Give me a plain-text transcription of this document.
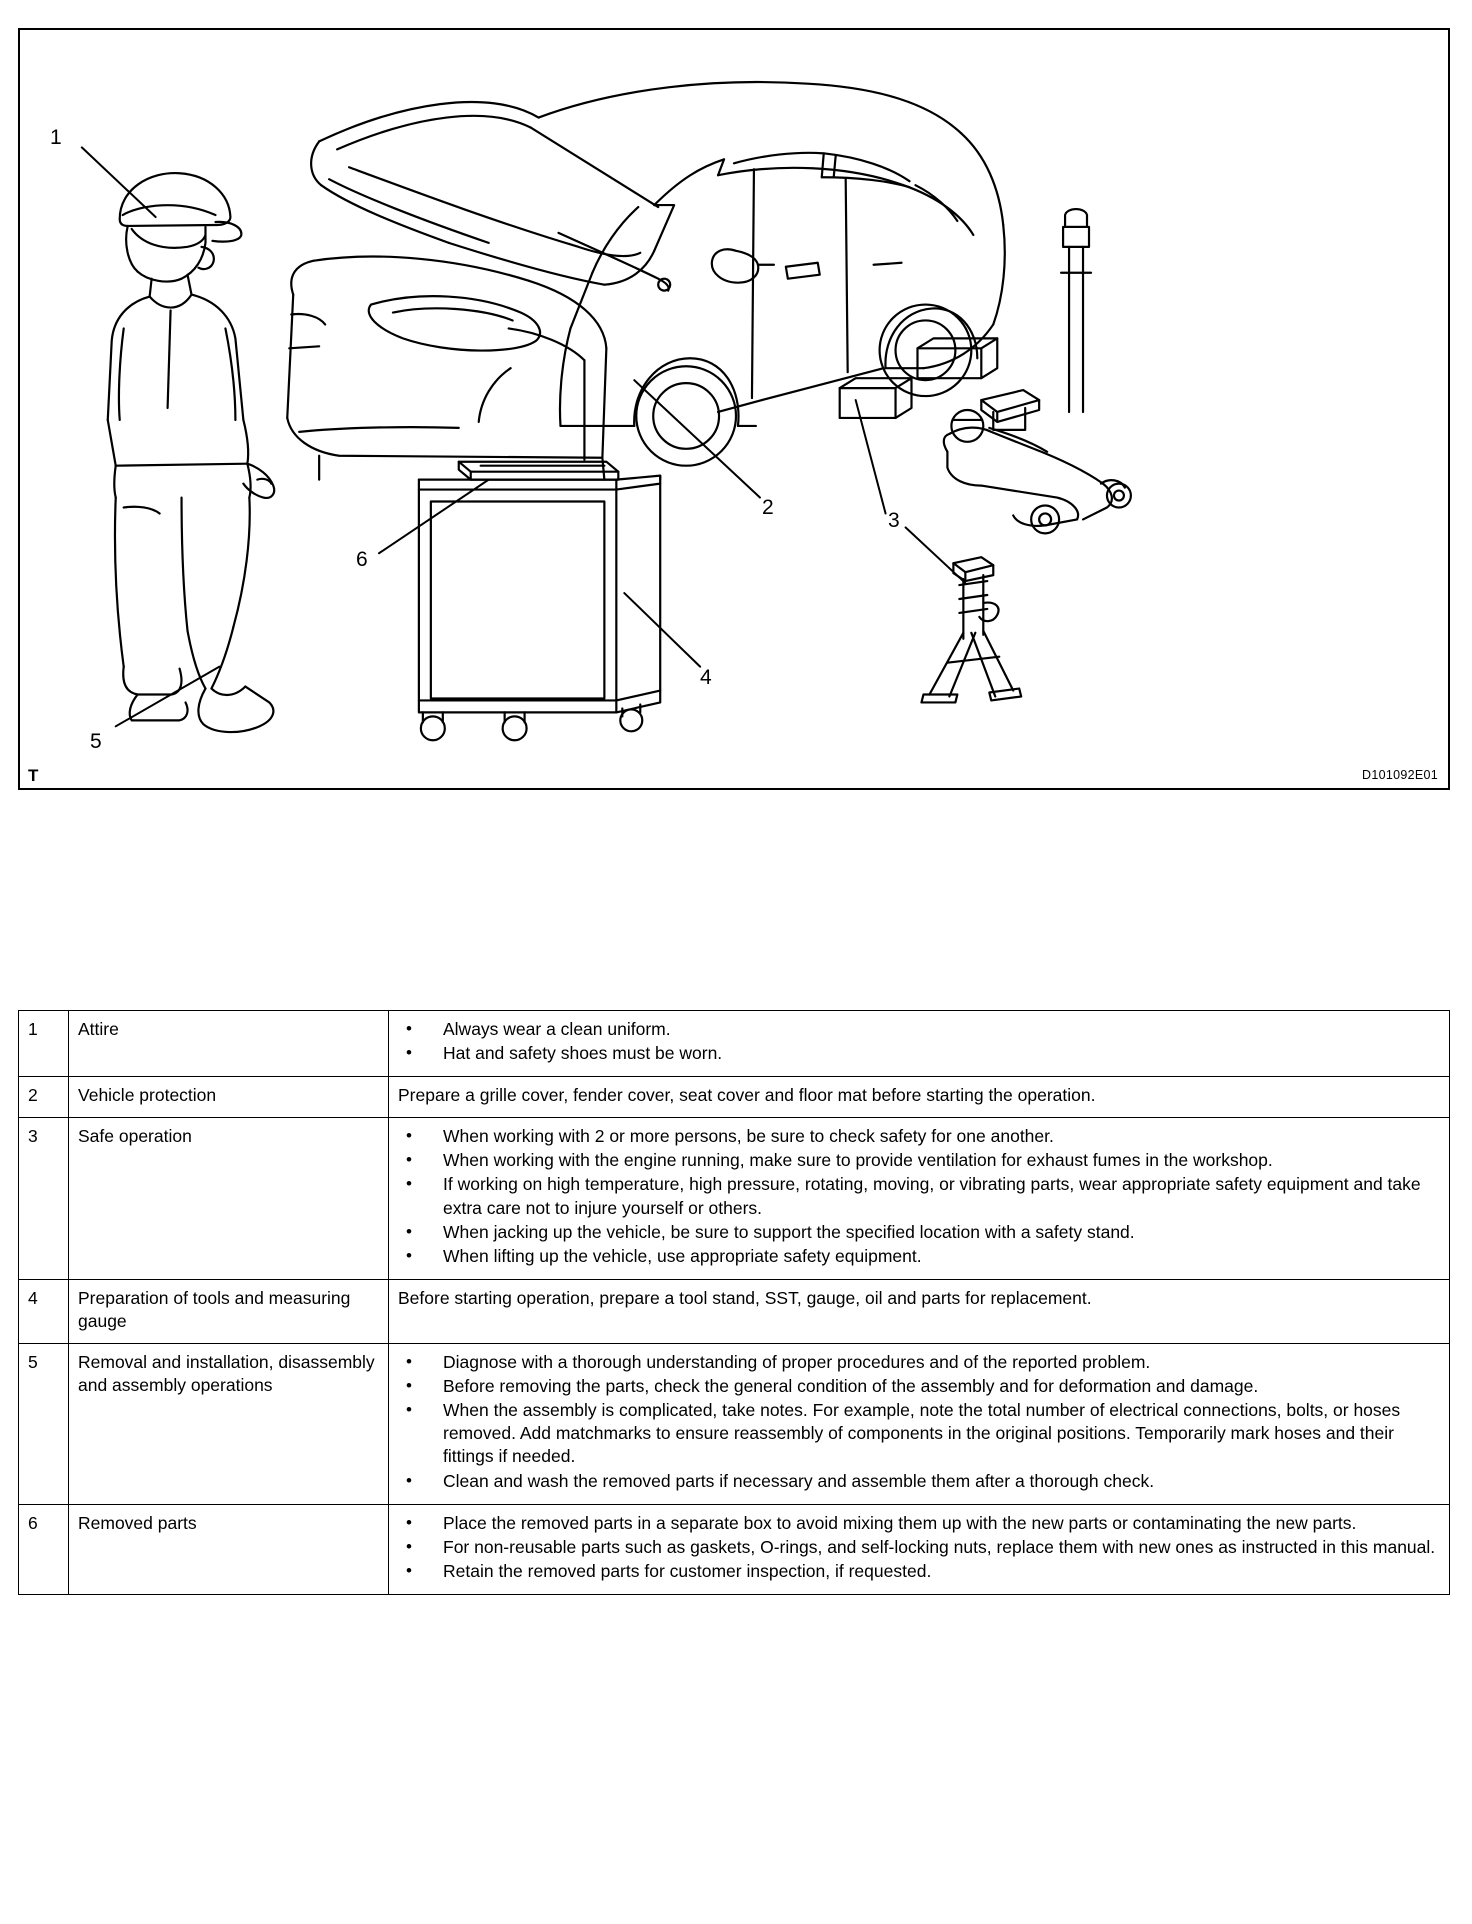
1
2
3
4
5
6
T	D101092E01
1	Attire	
•Always wear a clean uniform.
• Hat and safety shoes must be worn.

2	Vehicle protection	Prepare a grille cover, fender cover, seat cover and floor mat before starting the operation.

3	Safe operation	
•When working with 2 or more persons, be sure to check safety for one another.
• When working with the engine running, make sure to provide ventilation for exhaust fumes in the workshop.
• If working on high temperature, high pressure, rotating, moving, or vibrating parts, wear appropriate safety equipment and take extra care not to injure yourself or others.
• When jacking up the vehicle, be sure to support the specified location with a safety stand.
• When lifting up the vehicle, use appropriate safety equipment.

4	Preparation of tools and measuring gauge	Before starting operation, prepare a tool stand, SST, gauge, oil and parts for replacement.

5	Removal and installation, disassembly and assembly operations	
• Diagnose with a thorough understanding of proper procedures and of the reported problem.
• Before removing the parts, check the general condition of the assembly and for deformation and damage.
• When the assembly is complicated, take notes. For example, note the total number of electrical connections, bolts, or hoses removed. Add matchmarks to ensure reassembly of components in the original positions. Temporarily mark hoses and their fittings if needed.
• Clean and wash the removed parts if necessary and assemble them after a thorough check.

6	Removed parts	
•Place the removed parts in a separate box to avoid mixing them up with the new parts or contaminating the new parts.
• For non-reusable parts such as gaskets, O-rings, and self-locking nuts, replace them with new ones as instructed in this manual.
• Retain the removed parts for customer inspection, if requested.
